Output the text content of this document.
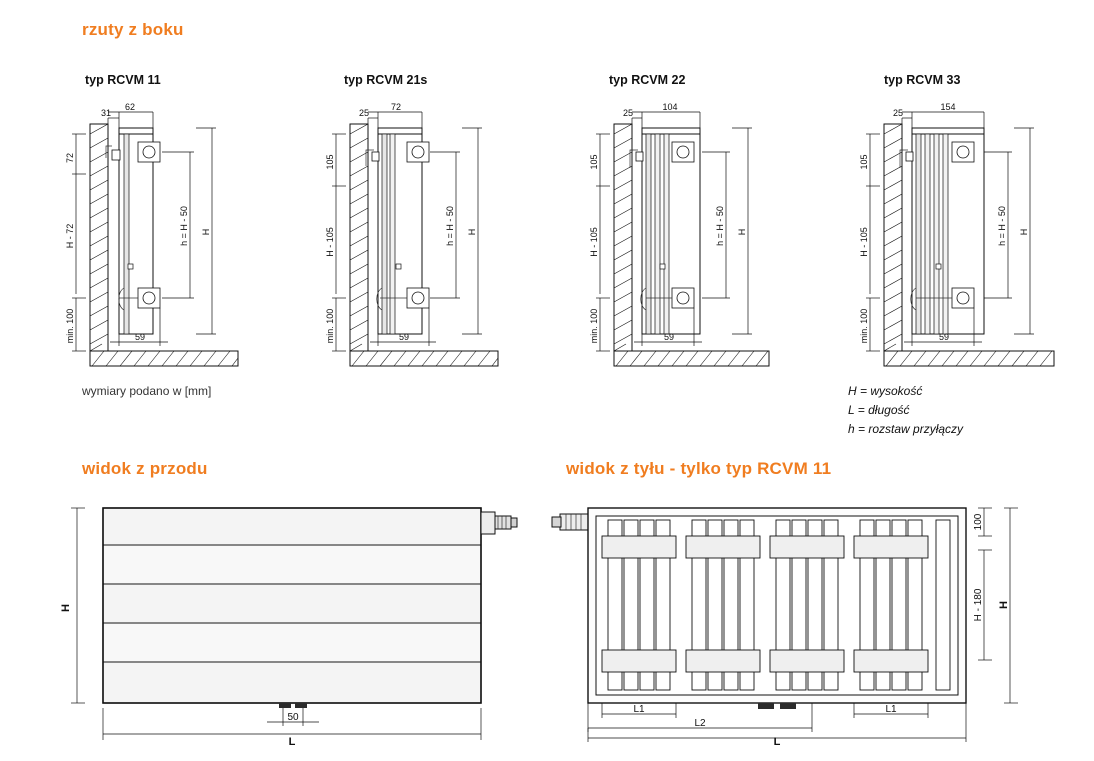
rzuty z boku
typ RCVM 11	typ RCVM 21s	typ RCVM 22	typ RCVM 33
wymiary podano w [mm]	H = wysokość
L = długość
h = rozstaw przyłączy
widok z przodu	widok z tyłu - tylko typ RCVM 11
31
62
72
H - 72
min. 100
h = H - 50 H
59
25
72
105
H - 105
min. 100
h = H - 50 H
59
25
104
105
H - 105
min. 100
h = H - 50 H
59
25
154
105
H - 105
min. 100
h = H - 50 H
59
H
50
L
100
H - 180 H
L1	L1
L2
L
